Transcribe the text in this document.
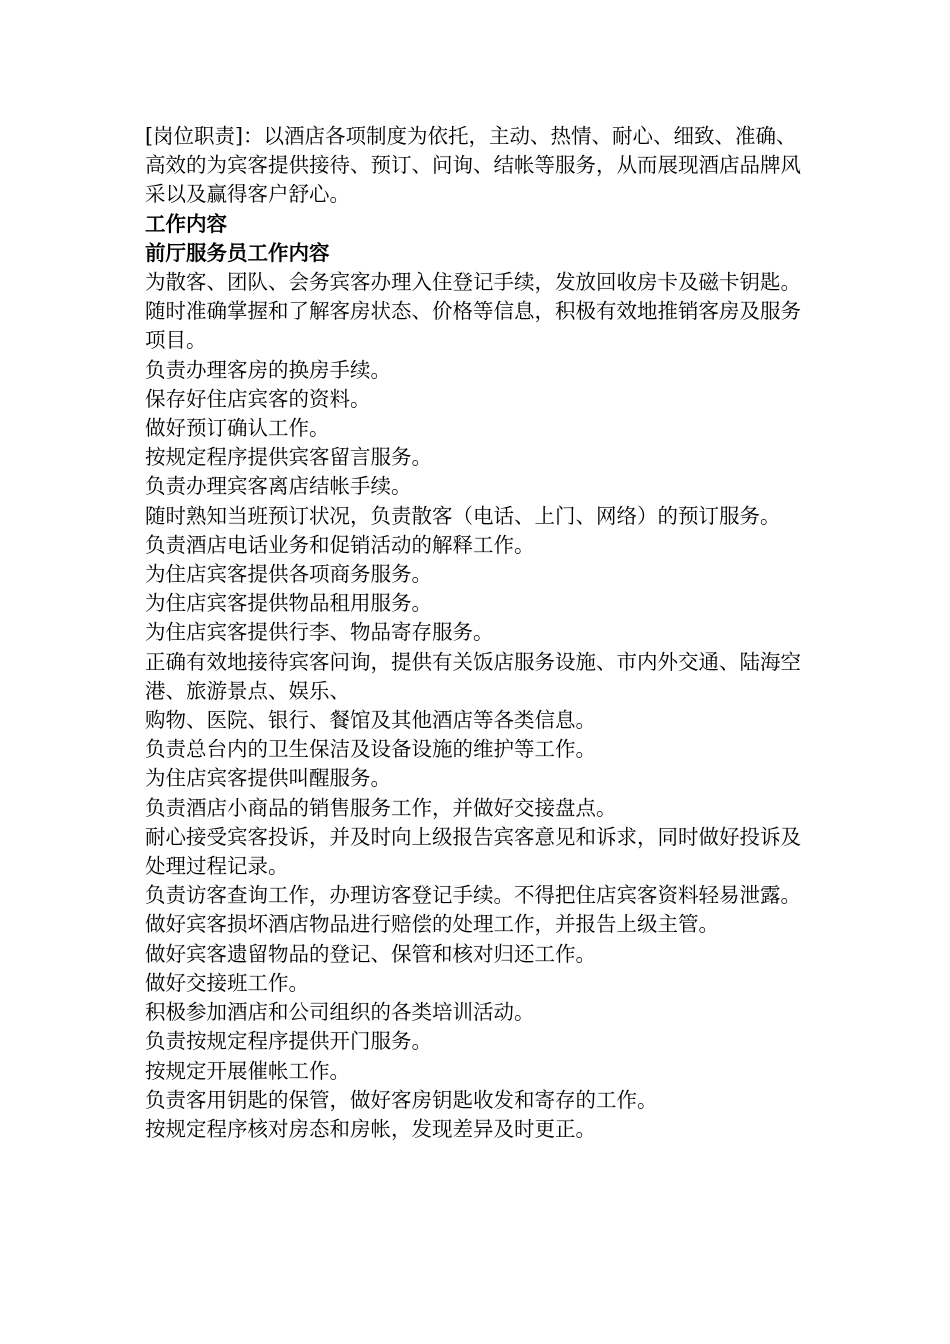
[岗位职责]：以酒店各项制度为依托，主动、热情、耐心、细致、准确、高效的为宾客提供接待、预订、问询、结帐等服务，从而展现酒店品牌风采以及赢得客户舒心。

工作内容

前厅服务员工作内容

为散客、团队、会务宾客办理入住登记手续，发放回收房卡及磁卡钥匙。

随时准确掌握和了解客房状态、价格等信息，积极有效地推销客房及服务项目。

负责办理客房的换房手续。

保存好住店宾客的资料。

做好预订确认工作。

按规定程序提供宾客留言服务。

负责办理宾客离店结帐手续。

随时熟知当班预订状况，负责散客（电话、上门、网络）的预订服务。

负责酒店电话业务和促销活动的解释工作。

为住店宾客提供各项商务服务。

为住店宾客提供物品租用服务。

为住店宾客提供行李、物品寄存服务。

正确有效地接待宾客问询，提供有关饭店服务设施、市内外交通、陆海空港、旅游景点、娱乐、

购物、医院、银行、餐馆及其他酒店等各类信息。

负责总台内的卫生保洁及设备设施的维护等工作。

为住店宾客提供叫醒服务。

负责酒店小商品的销售服务工作，并做好交接盘点。

耐心接受宾客投诉，并及时向上级报告宾客意见和诉求，同时做好投诉及处理过程记录。

负责访客查询工作，办理访客登记手续。不得把住店宾客资料轻易泄露。

做好宾客损坏酒店物品进行赔偿的处理工作，并报告上级主管。

做好宾客遗留物品的登记、保管和核对归还工作。

做好交接班工作。

积极参加酒店和公司组织的各类培训活动。

负责按规定程序提供开门服务。

按规定开展催帐工作。

负责客用钥匙的保管，做好客房钥匙收发和寄存的工作。

按规定程序核对房态和房帐，发现差异及时更正。
